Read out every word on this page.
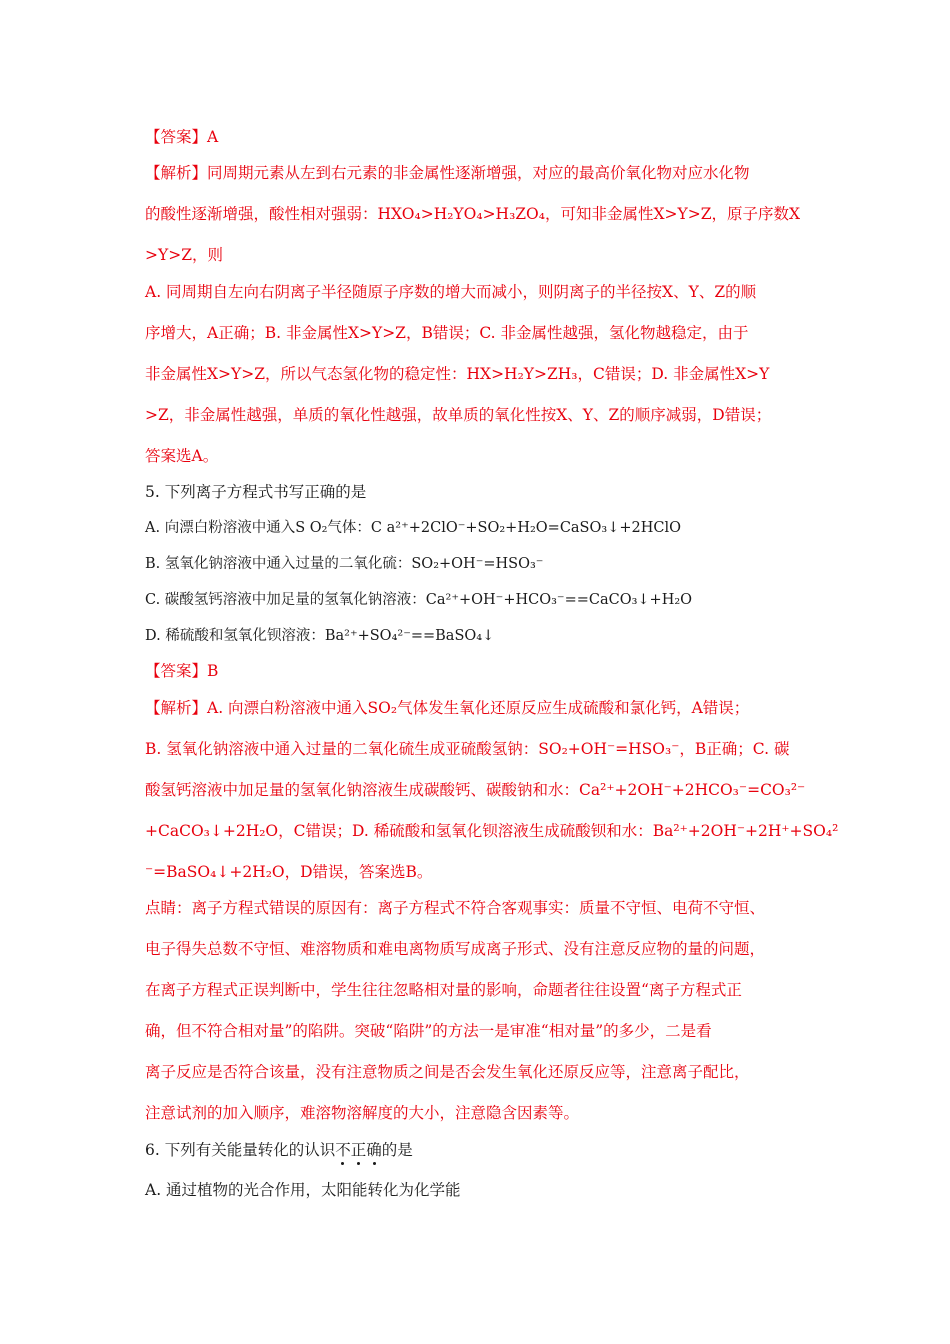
【答案】A
【解析】同周期元素从左到右元素的非金属性逐渐增强，对应的最高价氧化物对应水化物
的酸性逐渐增强，酸性相对强弱：HXO₄>H₂YO₄>H₃ZO₄，可知非金属性X>Y>Z，原子序数X
>Y>Z，则
A. 同周期自左向右阴离子半径随原子序数的增大而减小，则阴离子的半径按X、Y、Z的顺
序增大，A正确；B. 非金属性X>Y>Z，B错误；C. 非金属性越强，氢化物越稳定，由于
非金属性X>Y>Z，所以气态氢化物的稳定性：HX>H₂Y>ZH₃，C错误；D. 非金属性X>Y
>Z，非金属性越强，单质的氧化性越强，故单质的氧化性按X、Y、Z的顺序减弱，D错误；
答案选A。
5. 下列离子方程式书写正确的是
A. 向漂白粉溶液中通入S O₂气体：C a²⁺+2ClO⁻+SO₂+H₂O=CaSO₃↓+2HClO
B. 氢氧化钠溶液中通入过量的二氧化硫：SO₂+OH⁻=HSO₃⁻
C. 碳酸氢钙溶液中加足量的氢氧化钠溶液：Ca²⁺+OH⁻+HCO₃⁻==CaCO₃↓+H₂O
D. 稀硫酸和氢氧化钡溶液：Ba²⁺+SO₄²⁻==BaSO₄↓
【答案】B
【解析】A. 向漂白粉溶液中通入SO₂气体发生氧化还原反应生成硫酸和氯化钙，A错误；
B. 氢氧化钠溶液中通入过量的二氧化硫生成亚硫酸氢钠：SO₂+OH⁻=HSO₃⁻，B正确；C. 碳
酸氢钙溶液中加足量的氢氧化钠溶液生成碳酸钙、碳酸钠和水：Ca²⁺+2OH⁻+2HCO₃⁻=CO₃²⁻
+CaCO₃↓+2H₂O，C错误；D. 稀硫酸和氢氧化钡溶液生成硫酸钡和水：Ba²⁺+2OH⁻+2H⁺+SO₄²
⁻=BaSO₄↓+2H₂O，D错误，答案选B。
点睛：离子方程式错误的原因有：离子方程式不符合客观事实：质量不守恒、电荷不守恒、
电子得失总数不守恒、难溶物质和难电离物质写成离子形式、没有注意反应物的量的问题，
在离子方程式正误判断中，学生往往忽略相对量的影响，命题者往往设置“离子方程式正
确，但不符合相对量”的陷阱。突破“陷阱”的方法一是审准“相对量”的多少，二是看
离子反应是否符合该量，没有注意物质之间是否会发生氧化还原反应等，注意离子配比，
注意试剂的加入顺序，难溶物溶解度的大小，注意隐含因素等。
6. 下列有关能量转化的认识不正确的是
A. 通过植物的光合作用，太阳能转化为化学能
